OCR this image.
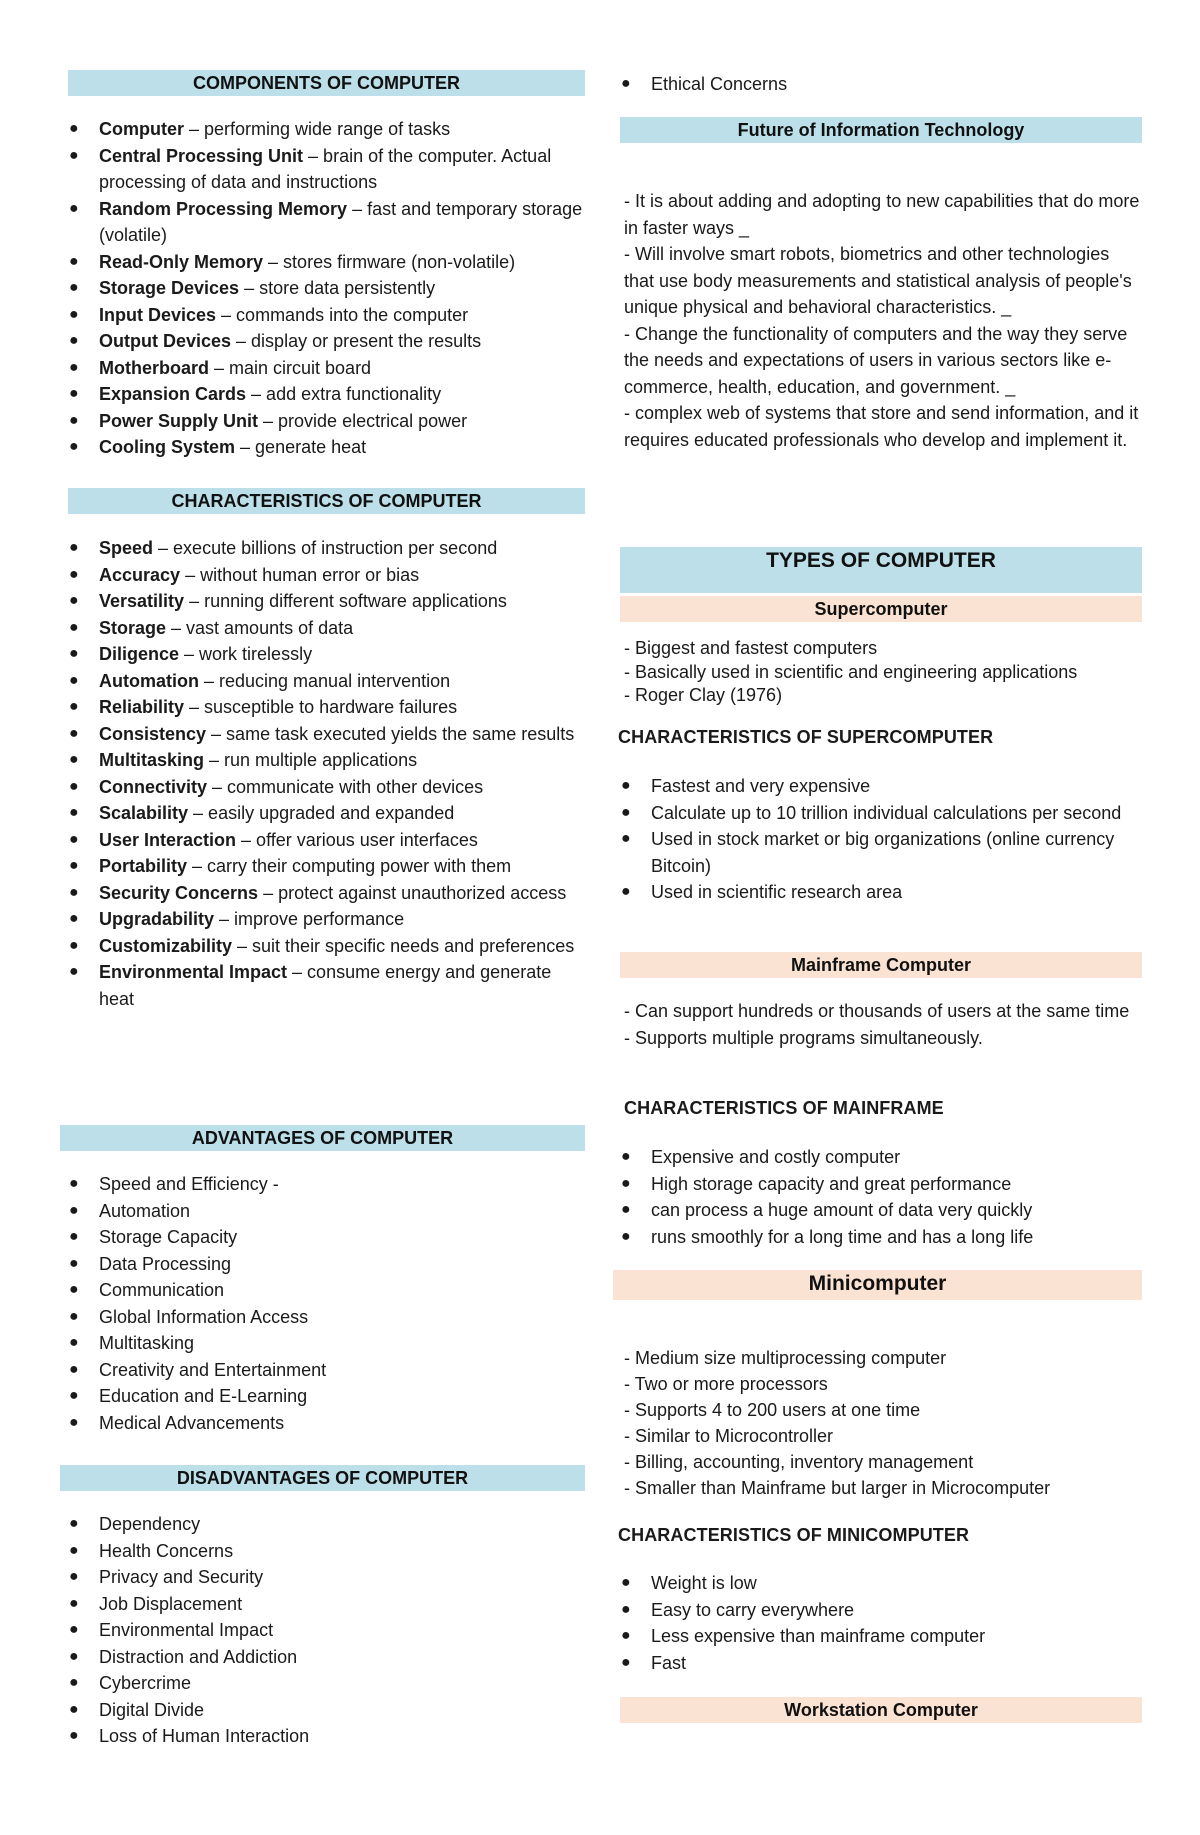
COMPONENTS OF COMPUTER
● Computer – performing wide range of tasks
● Central Processing Unit – brain of the computer. Actual processing of data and instructions
● Random Processing Memory – fast and temporary storage (volatile)
● Read-Only Memory – stores firmware (non-volatile)
● Storage Devices – store data persistently
● Input Devices – commands into the computer
● Output Devices – display or present the results
● Motherboard – main circuit board
● Expansion Cards – add extra functionality
● Power Supply Unit – provide electrical power
● Cooling System – generate heat
CHARACTERISTICS OF COMPUTER
● Speed – execute billions of instruction per second
● Accuracy – without human error or bias
● Versatility – running different software applications
● Storage – vast amounts of data
● Diligence – work tirelessly
● Automation – reducing manual intervention
● Reliability – susceptible to hardware failures
● Consistency – same task executed yields the same results
● Multitasking – run multiple applications
● Connectivity – communicate with other devices
● Scalability – easily upgraded and expanded
● User Interaction – offer various user interfaces
● Portability – carry their computing power with them
● Security Concerns – protect against unauthorized access
● Upgradability – improve performance
● Customizability – suit their specific needs and preferences
● Environmental Impact – consume energy and generate heat
ADVANTAGES OF COMPUTER
● Speed and Efficiency -
● Automation
● Storage Capacity
● Data Processing
● Communication
● Global Information Access
● Multitasking
● Creativity and Entertainment
● Education and E-Learning
● Medical Advancements
DISADVANTAGES OF COMPUTER
● Dependency
● Health Concerns
● Privacy and Security
● Job Displacement
● Environmental Impact
● Distraction and Addiction
● Cybercrime
● Digital Divide
● Loss of Human Interaction
● Ethical Concerns
Future of Information Technology
- It is about adding and adopting to new capabilities that do more in faster ways _
- Will involve smart robots, biometrics and other technologies that use body measurements and statistical analysis of people's unique physical and behavioral characteristics. _
- Change the functionality of computers and the way they serve the needs and expectations of users in various sectors like e-commerce, health, education, and government. _
- complex web of systems that store and send information, and it requires educated professionals who develop and implement it.
TYPES OF COMPUTER
Supercomputer
- Biggest and fastest computers
- Basically used in scientific and engineering applications
- Roger Clay (1976)
CHARACTERISTICS OF SUPERCOMPUTER
● Fastest and very expensive
● Calculate up to 10 trillion individual calculations per second
● Used in stock market or big organizations (online currency Bitcoin)
● Used in scientific research area
Mainframe Computer
- Can support hundreds or thousands of users at the same time
- Supports multiple programs simultaneously.
CHARACTERISTICS OF MAINFRAME
● Expensive and costly computer
● High storage capacity and great performance
● can process a huge amount of data very quickly
● runs smoothly for a long time and has a long life
Minicomputer
- Medium size multiprocessing computer
- Two or more processors
- Supports 4 to 200 users at one time
- Similar to Microcontroller
- Billing, accounting, inventory management
- Smaller than Mainframe but larger in Microcomputer
CHARACTERISTICS OF MINICOMPUTER
● Weight is low
● Easy to carry everywhere
● Less expensive than mainframe computer
● Fast
Workstation Computer
